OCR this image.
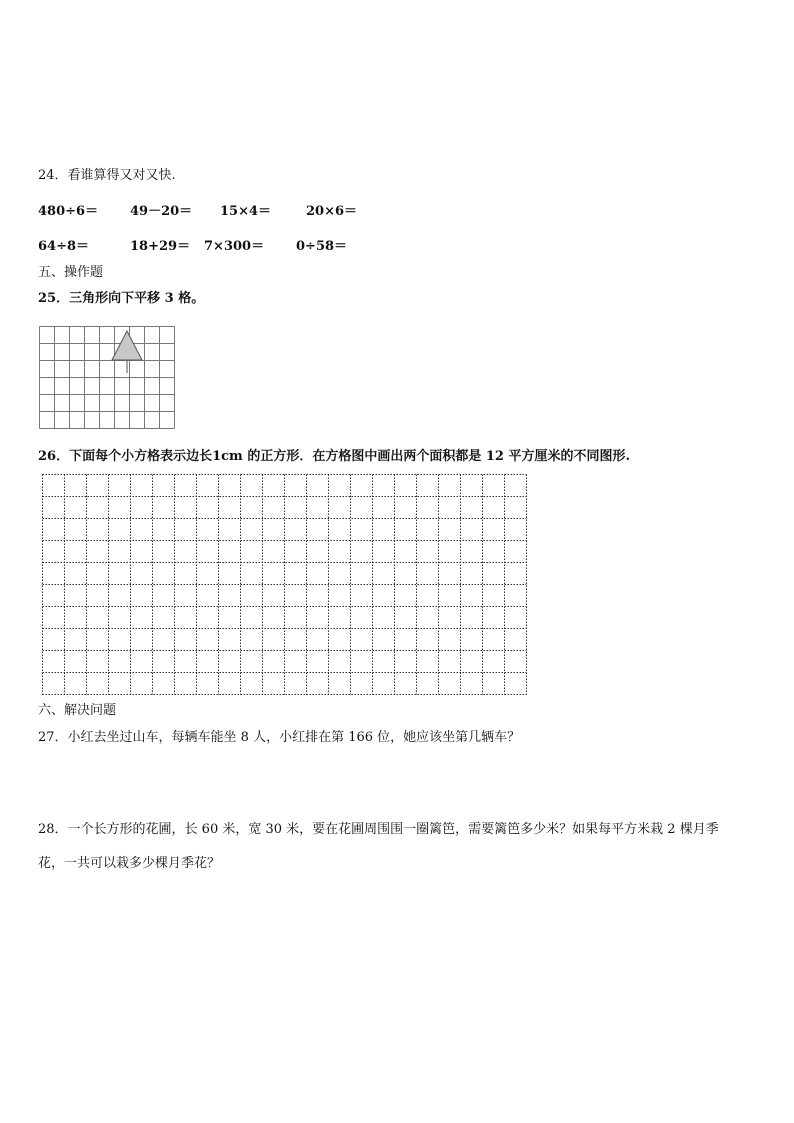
24．看谁算得又对又快.
480÷6＝ 49－20＝ 15×4＝	20×6＝
64÷8＝	18+29＝ 7×300＝ 0÷58＝
五、操作题
25．三角形向下平移 3 格。
26．下面每个小方格表示边长1cm 的正方形．在方格图中画出两个面积都是 12 平方厘米的不同图形.
六、解决问题
27．小红去坐过山车，每辆车能坐 8 人，小红排在第 166 位，她应该坐第几辆车？
28．一个长方形的花圃，长 60 米，宽 30 米，要在花圃周围围一圈篱笆，需要篱笆多少米？如果每平方米栽 2 棵月季
花，一共可以栽多少棵月季花？
